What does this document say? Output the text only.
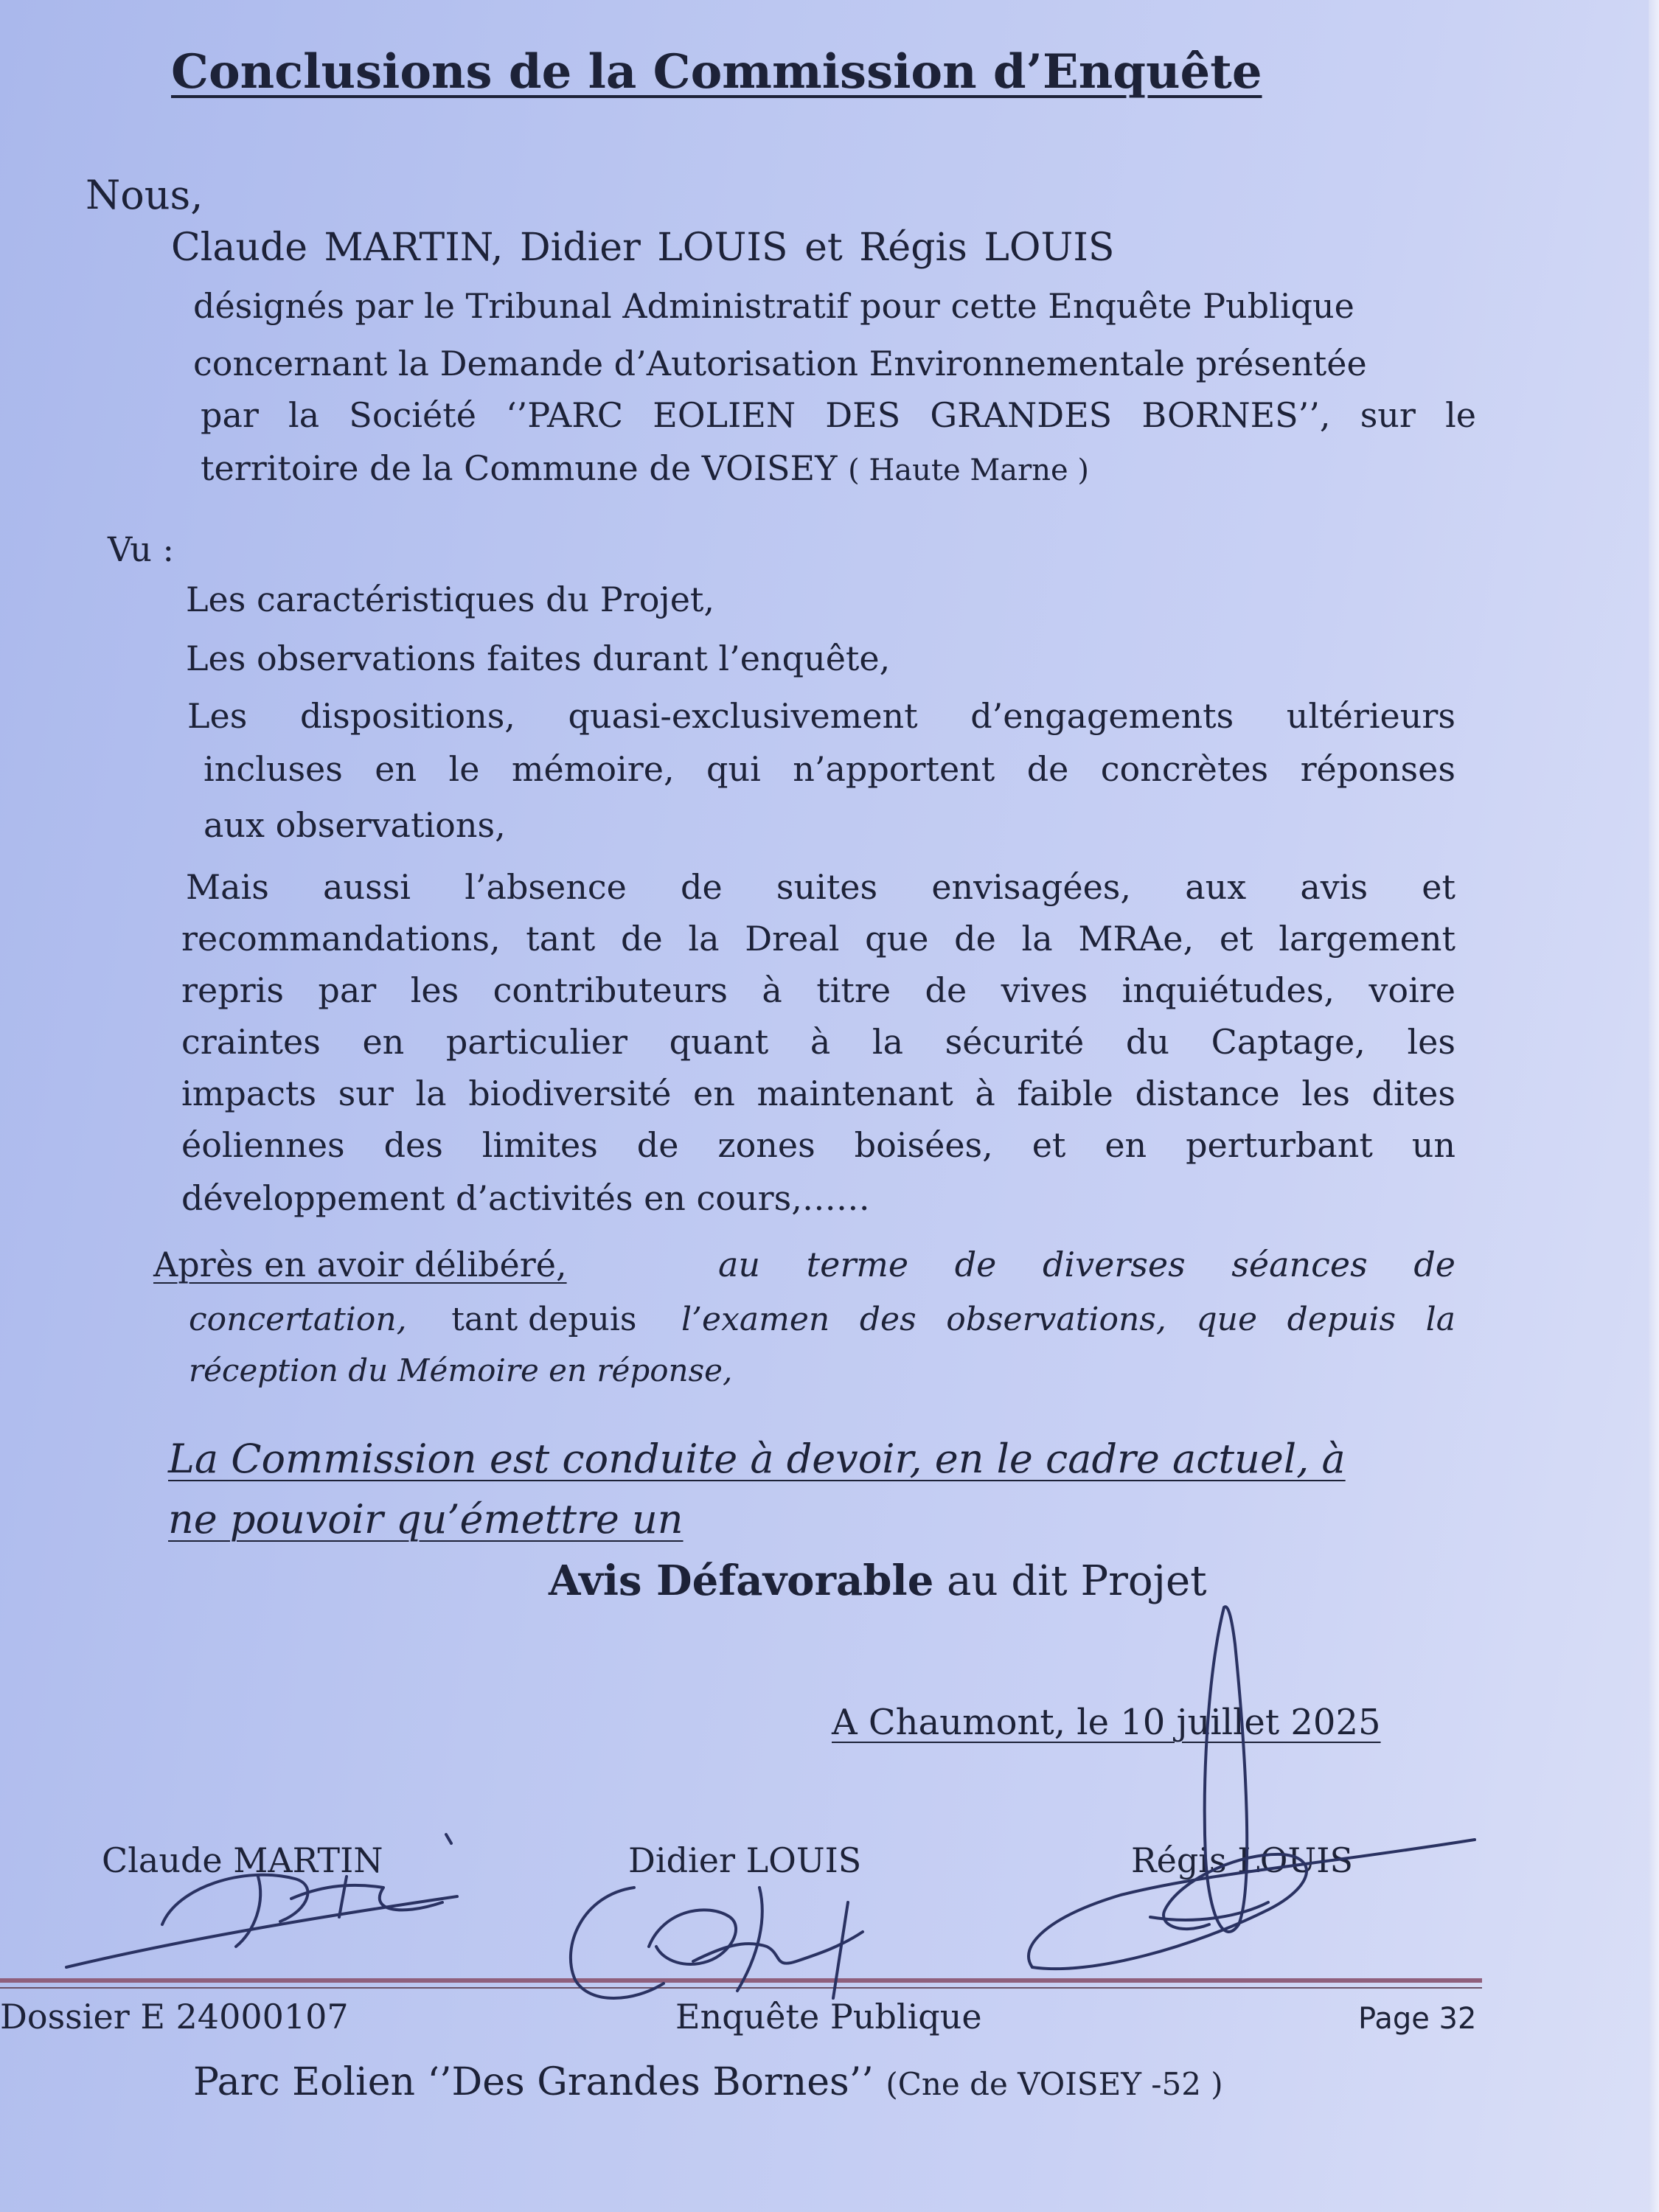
Conclusions de la Commission d’Enquête
Nous,
Claude MARTIN, Didier LOUIS et Régis LOUIS
désignés par le Tribunal Administratif pour cette Enquête Publique
concernant la Demande d’Autorisation Environnementale présentée
par la Société ‘’PARC EOLIEN DES GRANDES BORNES’’, sur le
territoire de la Commune de VOISEY ( Haute Marne )
Vu :
Les caractéristiques du Projet,
Les observations faites durant l’enquête,
Les dispositions, quasi-exclusivement d’engagements ultérieurs
incluses en le mémoire, qui n’apportent de concrètes réponses
aux observations,
Mais aussi l’absence de suites envisagées, aux avis et
recommandations, tant de la Dreal que de la MRAe, et largement
repris par les contributeurs à titre de vives inquiétudes, voire
craintes en particulier quant à la sécurité du Captage, les
impacts sur la biodiversité en maintenant à faible distance les dites
éoliennes des limites de zones boisées, et en perturbant un
développement d’activités en cours,……
Après en avoir délibéré,	au terme de diverses séances de
concertation, tant depuis l’examen des observations, que depuis la
réception du Mémoire en réponse,
La Commission est conduite à devoir, en le cadre actuel, à
ne pouvoir qu’émettre un
Avis Défavorable au dit Projet
A Chaumont, le 10 juillet 2025
Claude MARTIN	Didier LOUIS	Régis LOUIS
Dossier E 24000107	Enquête Publique	Page 32
Parc Eolien ‘’Des Grandes Bornes’’ (Cne de VOISEY -52 )
